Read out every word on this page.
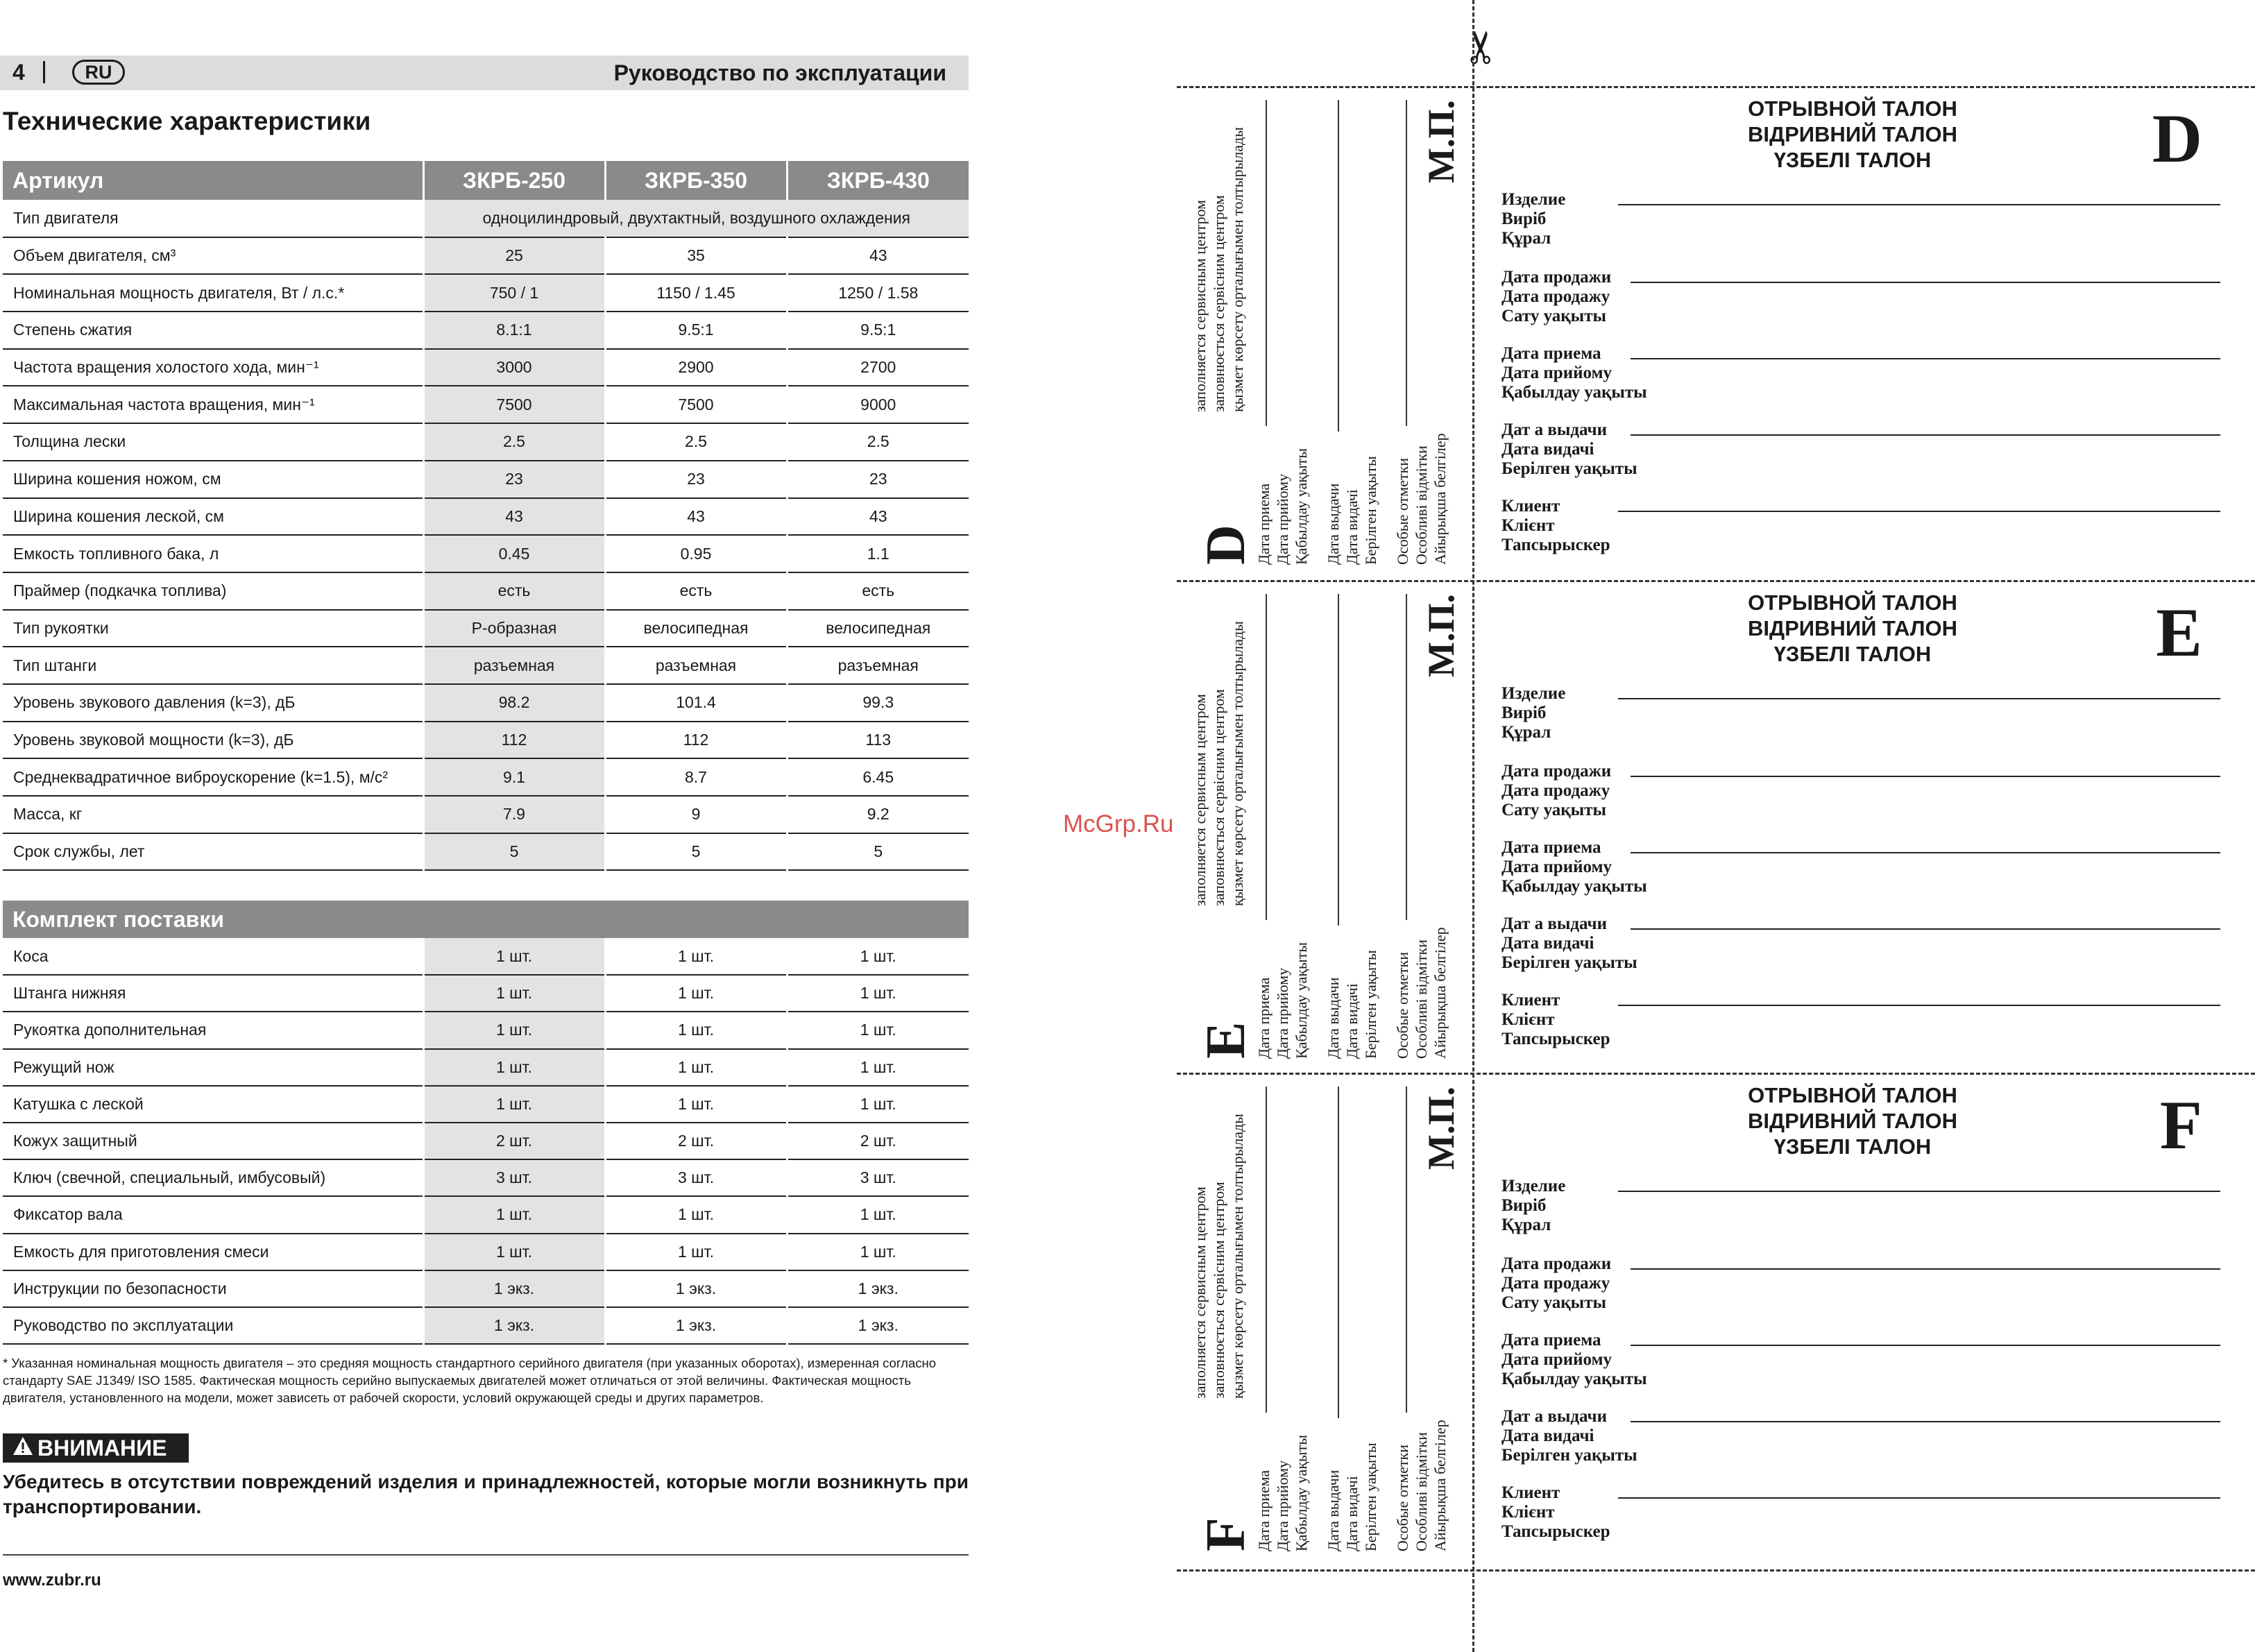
4	RU	Руководство по эксплуатации
Технические характеристики
Артикул	ЗКРБ-250	ЗКРБ-350	ЗКРБ-430
Тип двигателя	одноцилиндровый, двухтактный, воздушного охлаждения		
Объем двигателя, см³	25	35	43
Номинальная мощность двигателя, Вт / л.с.*	750 / 1	1150 / 1.45	1250 / 1.58
Степень сжатия	8.1:1	9.5:1	9.5:1
Частота вращения холостого хода, мин⁻¹	3000	2900	2700
Максимальная частота вращения, мин⁻¹	7500	7500	9000
Толщина лески	2.5	2.5	2.5
Ширина кошения ножом, см	23	23	23
Ширина кошения леской, см	43	43	43
Емкость топливного бака, л	0.45	0.95	1.1
Праймер (подкачка топлива)	есть	есть	есть
Тип рукоятки	Р-образная	велосипедная	велосипедная
Тип штанги	разъемная	разъемная	разъемная
Уровень звукового давления (k=3), дБ	98.2	101.4	99.3
Уровень звуковой мощности (k=3), дБ	112	112	113
Среднеквадратичное виброускорение (k=1.5), м/c²	9.1	8.7	6.45
Масса, кг	7.9	9	9.2
Срок службы, лет	5	5	5
Комплект поставки			
Коса	1 шт.	1 шт.	1 шт.
Штанга нижняя	1 шт.	1 шт.	1 шт.
Рукоятка дополнительная	1 шт.	1 шт.	1 шт.
Режущий нож	1 шт.	1 шт.	1 шт.
Катушка с леской	1 шт.	1 шт.	1 шт.
Кожух защитный	2 шт.	2 шт.	2 шт.
Ключ (свечной, специальный, имбусовый)	3 шт.	3 шт.	3 шт.
Фиксатор вала	1 шт.	1 шт.	1 шт.
Емкость для приготовления смеси	1 шт.	1 шт.	1 шт.
Инструкции по безопасности	1 экз.	1 экз.	1 экз.
Руководство по эксплуатации	1 экз.	1 экз.	1 экз.
* Указанная номинальная мощность двигателя – это средняя мощность стандартного серийного двигателя (при указанных оборотах), измеренная согласно стандарту SAE J1349/ ISO 1585. Фактическая мощность серийно выпускаемых двигателей может отличаться от этой величины. Фактическая мощность двигателя, установленного на модели, может зависеть от рабочей скорости, условий окружающей среды и других параметров.
ВНИМАНИЕ
Убедитесь в отсутствии повреждений изделия и принадлежностей, которые могли возникнуть при транспортировании.
www.zubr.ru
McGrp.Ru
✂
D
заполняется сервисным центром заповнюється сервісним центром қызмет көрсету орталығымен толтырылады
Дата приема Дата прийому Қабылдау уақыты Дата выдачи Дата видачі Берілген уақыты Особые отметки Особливі відмітки Айырықша белгілер
М.П.	ОТРЫВНОЙ ТАЛОН
ВІДРИВНИЙ ТАЛОН
ҮЗБЕЛІ ТАЛОН	D
Изделие
Виріб
Құрал
Дата продажи
Дата продажу
Сату уақыты
Дата приема
Дата прийому
Қабылдау уақыты
Дат а выдачи
Дата видачі
Берілген уақыты
Клиент
Клієнт
Тапсырыскер
E
заполняется сервисным центром заповнюється сервісним центром қызмет көрсету орталығымен толтырылады
Дата приема Дата прийому Қабылдау уақыты Дата выдачи Дата видачі Берілген уақыты Особые отметки Особливі відмітки Айырықша белгілер
М.П.	ОТРЫВНОЙ ТАЛОН
ВІДРИВНИЙ ТАЛОН
ҮЗБЕЛІ ТАЛОН	E
Изделие
Виріб
Құрал
Дата продажи
Дата продажу
Сату уақыты
Дата приема
Дата прийому
Қабылдау уақыты
Дат а выдачи
Дата видачі
Берілген уақыты
Клиент
Клієнт
Тапсырыскер
F
заполняется сервисным центром заповнюється сервісним центром қызмет көрсету орталығымен толтырылады
Дата приема Дата прийому Қабылдау уақыты Дата выдачи Дата видачі Берілген уақыты Особые отметки Особливі відмітки Айырықша белгілер
М.П.	ОТРЫВНОЙ ТАЛОН
ВІДРИВНИЙ ТАЛОН
ҮЗБЕЛІ ТАЛОН	F
Изделие
Виріб
Құрал
Дата продажи
Дата продажу
Сату уақыты
Дата приема
Дата прийому
Қабылдау уақыты
Дат а выдачи
Дата видачі
Берілген уақыты
Клиент
Клієнт
Тапсырыскер
